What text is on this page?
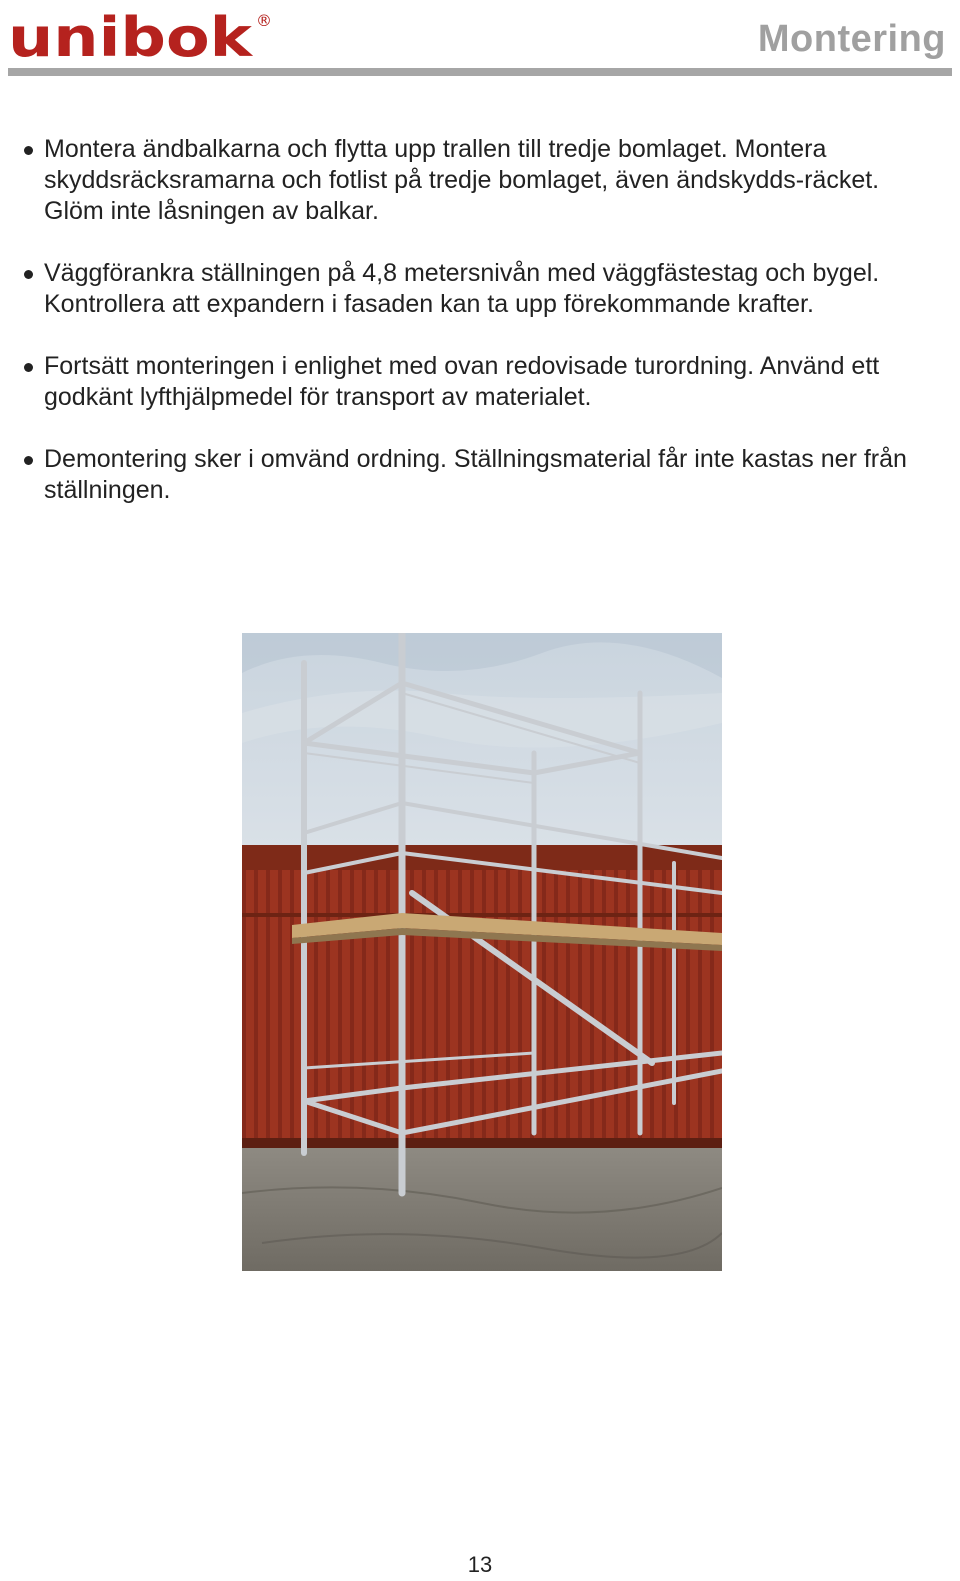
unibok ®	Montering
Montera ändbalkarna och flytta upp trallen till tredje bomlaget. Montera skyddsräcksramarna och fotlist på tredje bomlaget, även ändskydds-räcket. Glöm inte låsningen av balkar.
Väggförankra ställningen på 4,8 metersnivån med väggfästestag och bygel. Kontrollera att expandern i fasaden kan ta upp förekommande krafter.
Fortsätt monteringen i enlighet med ovan redovisade turordning. Använd ett godkänt lyfthjälpmedel för transport av materialet.
Demontering sker i omvänd ordning. Ställningsmaterial får inte kastas ner från ställningen.
13
